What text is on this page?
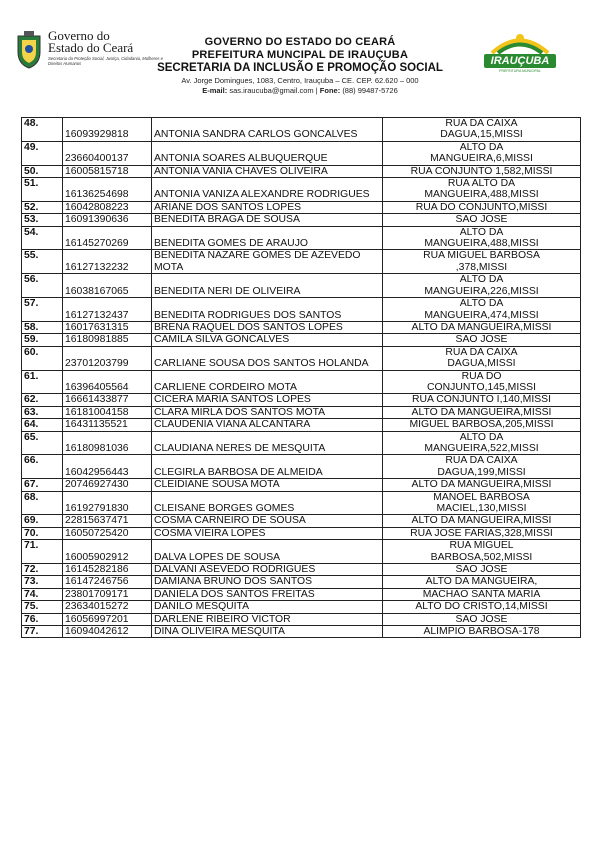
Governo do
Estado do Ceará
Secretaria da Proteção Social, Justiça, Cidadania, Mulheres e Direitos Humanos
GOVERNO DO ESTADO DO CEARÁ
PREFEITURA MUNCIPAL DE IRAUÇUBA
SECRETARIA DA INCLUSÃO E PROMOÇÃO SOCIAL
Av. Jorge Domingues, 1083, Centro, Irauçuba – CE. CEP. 62.620 – 000
E-mail: sas.iraucuba@gmail.com | Fone: (88) 99487-5726
IRAUÇUBA
PREFEITURA MUNICIPAL
48.	16093929818	ANTONIA SANDRA CARLOS GONCALVES	RUA DA CAIXA
DAGUA,15,MISSI

49.	23660400137	ANTONIA SOARES ALBUQUERQUE	ALTO DA
MANGUEIRA,6,MISSI

50.	16005815718	ANTONIA VANIA CHAVES OLIVEIRA	RUA CONJUNTO 1,582,MISSI

51.	16136254698	ANTONIA VANIZA ALEXANDRE RODRIGUES	RUA ALTO DA
MANGUEIRA,488,MISSI

52.	16042808223	ARIANE DOS SANTOS LOPES	RUA DO CONJUNTO,MISSI

53.	16091390636	BENEDITA BRAGA DE SOUSA	SAO JOSE

54.	16145270269	BENEDITA GOMES DE ARAUJO	ALTO DA
MANGUEIRA,488,MISSI

55.	16127132232	BENEDITA NAZARE GOMES DE AZEVEDO MOTA	RUA MIGUEL BARBOSA
,378,MISSI

56.	16038167065	BENEDITA NERI DE OLIVEIRA	ALTO DA
MANGUEIRA,226,MISSI

57.	16127132437	BENEDITA RODRIGUES DOS SANTOS	ALTO DA
MANGUEIRA,474,MISSI

58.	16017631315	BRENA RAQUEL DOS SANTOS LOPES	ALTO DA MANGUEIRA,MISSI

59.	16180981885	CAMILA SILVA GONCALVES	SAO JOSE

60.	23701203799	CARLIANE SOUSA DOS SANTOS HOLANDA	RUA DA CAIXA
DAGUA,MISSI

61.	16396405564	CARLIENE CORDEIRO MOTA	RUA DO
CONJUNTO,145,MISSI

62.	16661433877	CICERA MARIA SANTOS LOPES	RUA CONJUNTO I,140,MISSI

63.	16181004158	CLARA MIRLA DOS SANTOS MOTA	ALTO DA MANGUEIRA,MISSI

64.	16431135521	CLAUDENIA VIANA ALCANTARA	MIGUEL BARBOSA,205,MISSI

65.	16180981036	CLAUDIANA NERES DE MESQUITA	ALTO DA
MANGUEIRA,522,MISSI

66.	16042956443	CLEGIRLA BARBOSA DE ALMEIDA	RUA DA CAIXA
DAGUA,199,MISSI

67.	20746927430	CLEIDIANE SOUSA MOTA	ALTO DA MANGUEIRA,MISSI

68.	16192791830	CLEISANE BORGES GOMES	MANOEL BARBOSA
MACIEL,130,MISSI

69.	22815637471	COSMA CARNEIRO DE SOUSA	ALTO DA MANGUEIRA,MISSI

70.	16050725420	COSMA VIEIRA LOPES	RUA JOSE FARIAS,328,MISSI

71.	16005902912	DALVA LOPES DE SOUSA	RUA MIGUEL
BARBOSA,502,MISSI

72.	16145282186	DALVANI ASEVEDO RODRIGUES	SAO JOSE

73.	16147246756	DAMIANA BRUNO DOS SANTOS	ALTO DA MANGUEIRA,

74.	23801709171	DANIELA DOS SANTOS FREITAS	MACHAO SANTA MARIA

75.	23634015272	DANILO MESQUITA	ALTO DO CRISTO,14,MISSI

76.	16056997201	DARLENE RIBEIRO VICTOR	SAO JOSE

77.	16094042612	DINA OLIVEIRA MESQUITA	ALIMPIO BARBOSA-178
